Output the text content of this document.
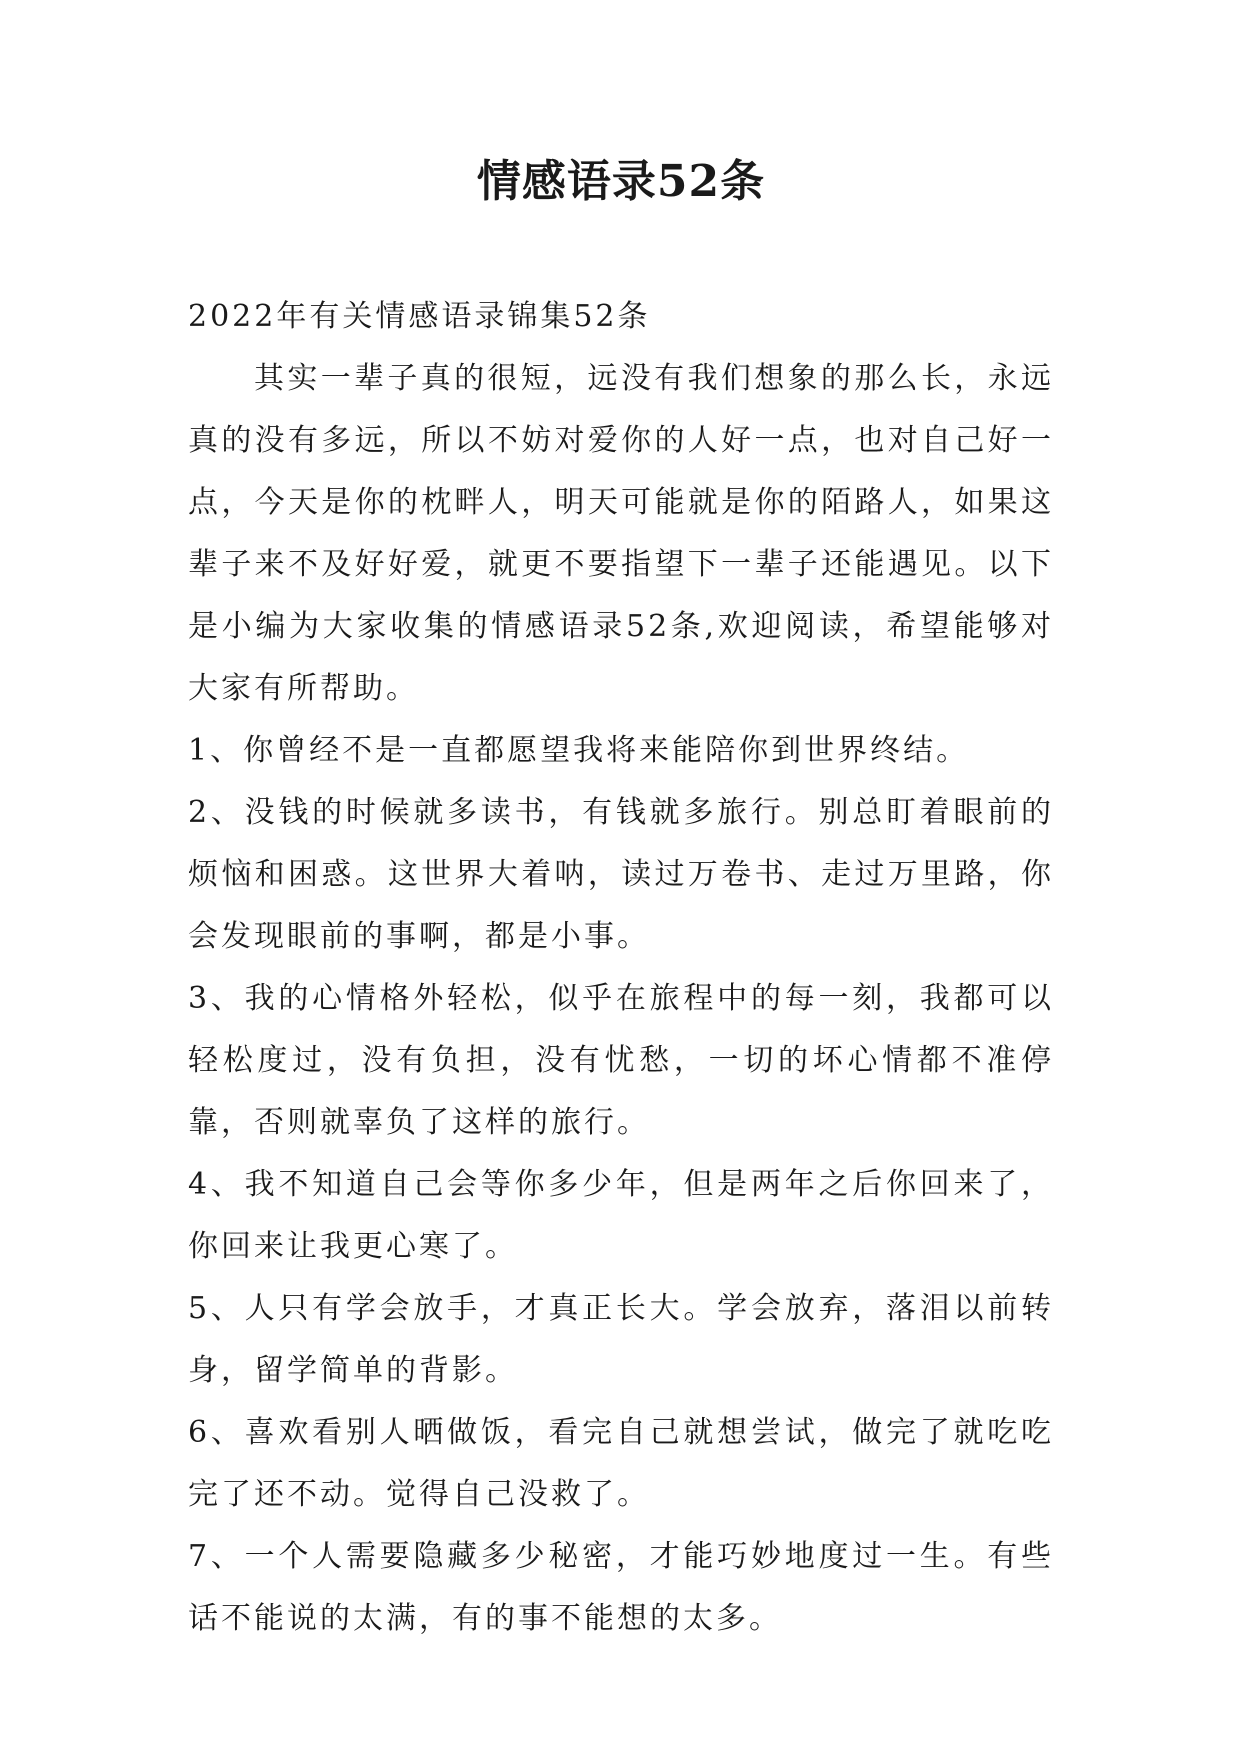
情感语录52条

2022年有关情感语录锦集52条

其实一辈子真的很短，远没有我们想象的那么长，永远真的没有多远，所以不妨对爱你的人好一点，也对自己好一点，今天是你的枕畔人，明天可能就是你的陌路人，如果这辈子来不及好好爱，就更不要指望下一辈子还能遇见。以下是小编为大家收集的情感语录52条,欢迎阅读，希望能够对大家有所帮助。

1、你曾经不是一直都愿望我将来能陪你到世界终结。

2、没钱的时候就多读书，有钱就多旅行。别总盯着眼前的烦恼和困惑。这世界大着呐，读过万卷书、走过万里路，你会发现眼前的事啊，都是小事。

3、我的心情格外轻松，似乎在旅程中的每一刻，我都可以轻松度过，没有负担，没有忧愁，一切的坏心情都不准停靠，否则就辜负了这样的旅行。

4、我不知道自己会等你多少年，但是两年之后你回来了，你回来让我更心寒了。

5、人只有学会放手，才真正长大。学会放弃，落泪以前转身，留学简单的背影。

6、喜欢看别人晒做饭，看完自己就想尝试，做完了就吃吃完了还不动。觉得自己没救了。

7、一个人需要隐藏多少秘密，才能巧妙地度过一生。有些话不能说的太满，有的事不能想的太多。
